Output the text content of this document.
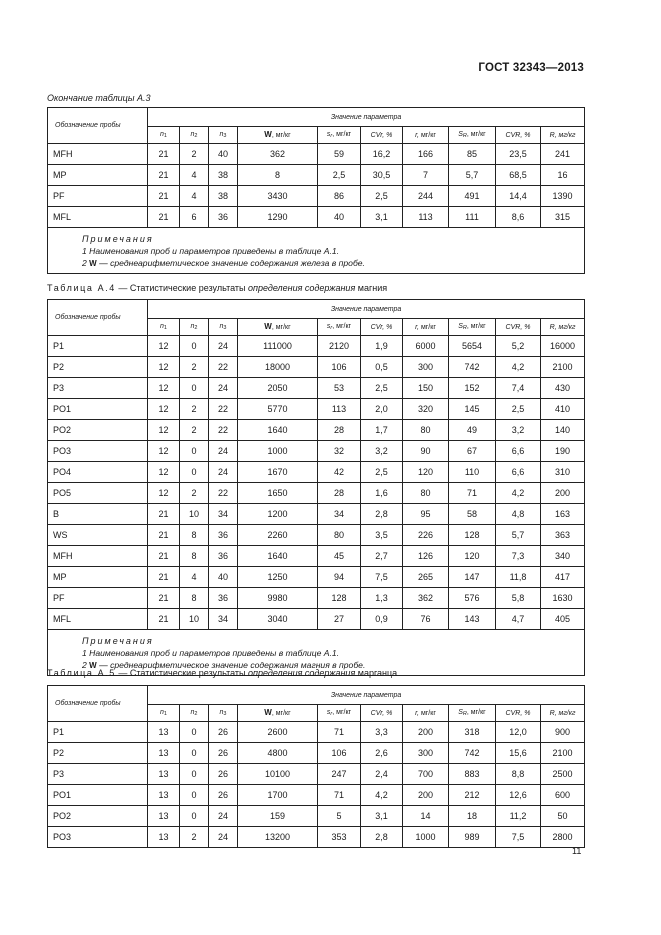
ГОСТ 32343—2013
Окончание таблицы А.3
Обозначение пробы	Значение параметра									
	$n_1$	$n_2$	$n_3$	W, мг/кг	$s_r$, мг/кг	CVr, %	r, мг/кг	$S_R$, мг/кг	CVR, %	R, мг/кг
MFH	21	2	40	362	59	16,2	166	85	23,5	241
MP	21	4	38	8	2,5	30,5	7	5,7	68,5	16
PF	21	4	38	3430	86	2,5	244	491	14,4	1390
MFL	21	6	36	1290	40	3,1	113	111	8,6	315

Примечания
1 Наименования проб и параметров приведены в таблице А.1.
2 W — среднеарифметическое значение содержания железа в пробе.										
Таблица А.4 — Статистические результаты определения содержания магния
Обозначение пробы	Значение параметра									
	$n_1$	$n_2$	$n_3$	W, мг/кг	$s_r$, мг/кг	CVr, %	r, мг/кг	$S_R$, мг/кг	CVR, %	R, мг/кг
P1	12	0	24	111000	2120	1,9	6000	5654	5,2	16000
P2	12	2	22	18000	106	0,5	300	742	4,2	2100
P3	12	0	24	2050	53	2,5	150	152	7,4	430
PO1	12	2	22	5770	113	2,0	320	145	2,5	410
PO2	12	2	22	1640	28	1,7	80	49	3,2	140
PO3	12	0	24	1000	32	3,2	90	67	6,6	190
PO4	12	0	24	1670	42	2,5	120	110	6,6	310
PO5	12	2	22	1650	28	1,6	80	71	4,2	200
B	21	10	34	1200	34	2,8	95	58	4,8	163
WS	21	8	36	2260	80	3,5	226	128	5,7	363
MFH	21	8	36	1640	45	2,7	126	120	7,3	340
MP	21	4	40	1250	94	7,5	265	147	11,8	417
PF	21	8	36	9980	128	1,3	362	576	5,8	1630
MFL	21	10	34	3040	27	0,9	76	143	4,7	405

Примечания
1 Наименования проб и параметров приведены в таблице А.1.
2 W — среднеарифметическое значение содержания магния в пробе.										
Таблица А.5 — Статистические результаты определения содержания марганца
Обозначение пробы	Значение параметра									
	$n_1$	$n_2$	$n_3$	W, мг/кг	$s_r$, мг/кг	CVr, %	r, мг/кг	$S_R$, мг/кг	CVR, %	R, мг/кг
P1	13	0	26	2600	71	3,3	200	318	12,0	900
P2	13	0	26	4800	106	2,6	300	742	15,6	2100
P3	13	0	26	10100	247	2,4	700	883	8,8	2500
PO1	13	0	26	1700	71	4,2	200	212	12,6	600
PO2	13	0	24	159	5	3,1	14	18	11,2	50
PO3	13	2	24	13200	353	2,8	1000	989	7,5	2800
11
